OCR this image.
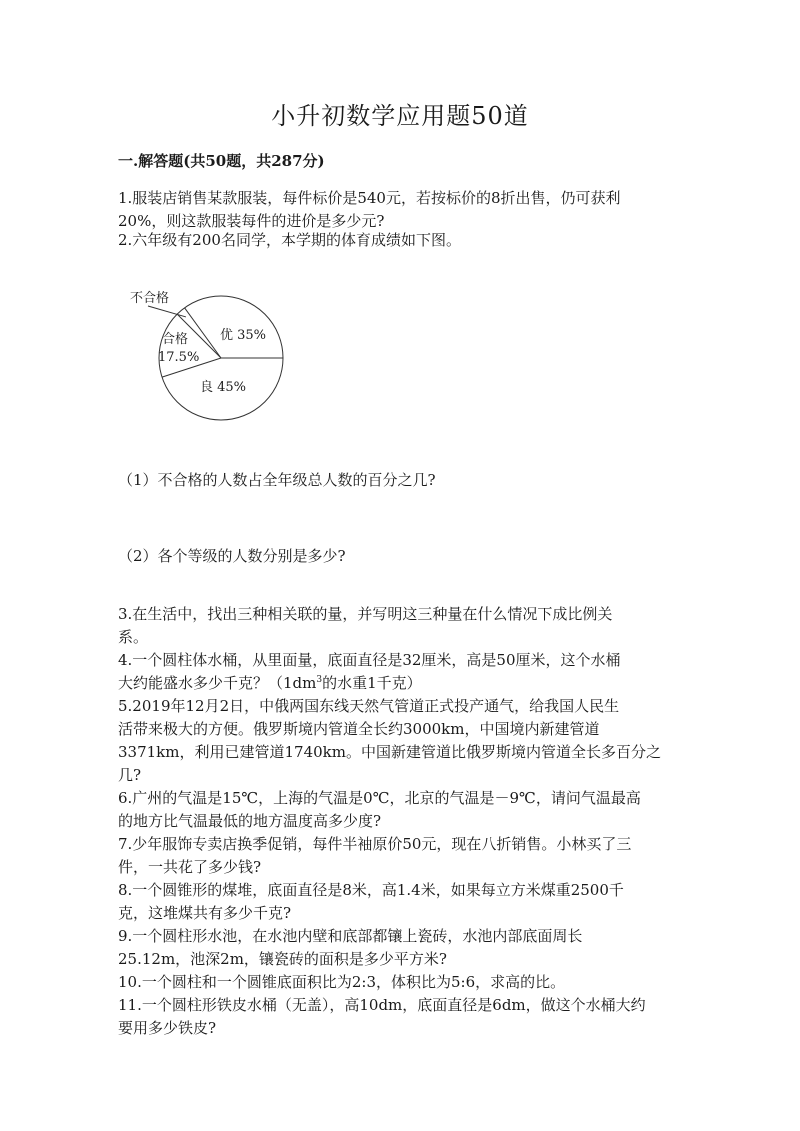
小升初数学应用题50道
一.解答题(共50题，共287分)
1.服装店销售某款服装，每件标价是540元，若按标价的8折出售，仍可获利
20%，则这款服装每件的进价是多少元?
2.六年级有200名同学，本学期的体育成绩如下图。
不合格
合格
17.5%
优 35%
良 45%
（1）不合格的人数占全年级总人数的百分之几?
（2）各个等级的人数分别是多少?

3.在生活中，找出三种相关联的量，并写明这三种量在什么情况下成比例关
系。

4.一个圆柱体水桶，从里面量，底面直径是32厘米，高是50厘米，这个水桶
大约能盛水多少千克？（$1dm^3$的水重1千克）

5.2019年12月2日，中俄两国东线天然气管道正式投产通气，给我国人民生
活带来极大的方便。俄罗斯境内管道全长约3000km，中国境内新建管道
3371km，利用已建管道1740km。中国新建管道比俄罗斯境内管道全长多百分之
几?

6.广州的气温是15℃，上海的气温是0℃，北京的气温是－9℃，请问气温最高
的地方比气温最低的地方温度高多少度?

7.少年服饰专卖店换季促销，每件半袖原价50元，现在八折销售。小林买了三
件，一共花了多少钱?

8.一个圆锥形的煤堆，底面直径是8米，高1.4米，如果每立方米煤重2500千
克，这堆煤共有多少千克?

9.一个圆柱形水池，在水池内壁和底部都镶上瓷砖，水池内部底面周长
25.12m，池深2m，镶瓷砖的面积是多少平方米?

10.一个圆柱和一个圆锥底面积比为2:3，体积比为5:6，求高的比。

11.一个圆柱形铁皮水桶（无盖），高10dm，底面直径是6dm，做这个水桶大约
要用多少铁皮?
